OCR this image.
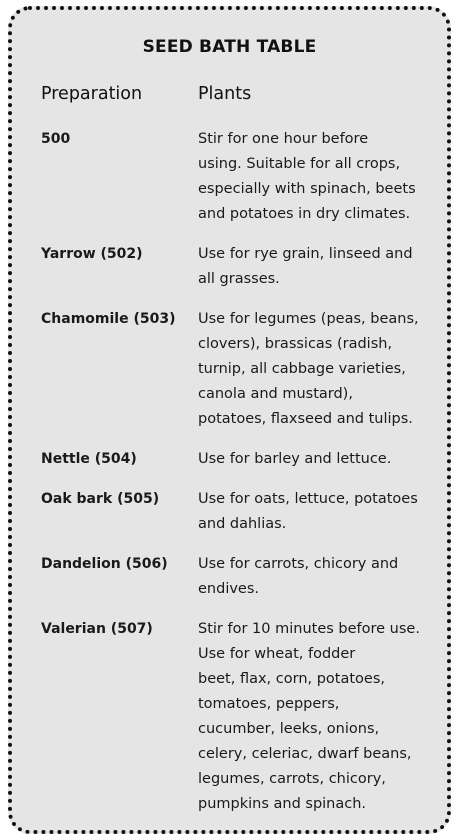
SEED BATH TABLE
Preparation	Plants
500	Stir for one hour before
using. Suitable for all crops,
especially with spinach, beets
and potatoes in dry climates.
Yarrow (502)	Use for rye grain, linseed and
all grasses.
Chamomile (503)	Use for legumes (peas, beans,
clovers), brassicas (radish,
turnip, all cabbage varieties,
canola and mustard),
potatoes, flaxseed and tulips.
Nettle (504)	Use for barley and lettuce.
Oak bark (505)	Use for oats, lettuce, potatoes
and dahlias.
Dandelion (506)	Use for carrots, chicory and
endives.
Valerian (507)	Stir for 10 minutes before use.
Use for wheat, fodder
beet, flax, corn, potatoes,
tomatoes, peppers,
cucumber, leeks, onions,
celery, celeriac, dwarf beans,
legumes, carrots, chicory,
pumpkins and spinach.
